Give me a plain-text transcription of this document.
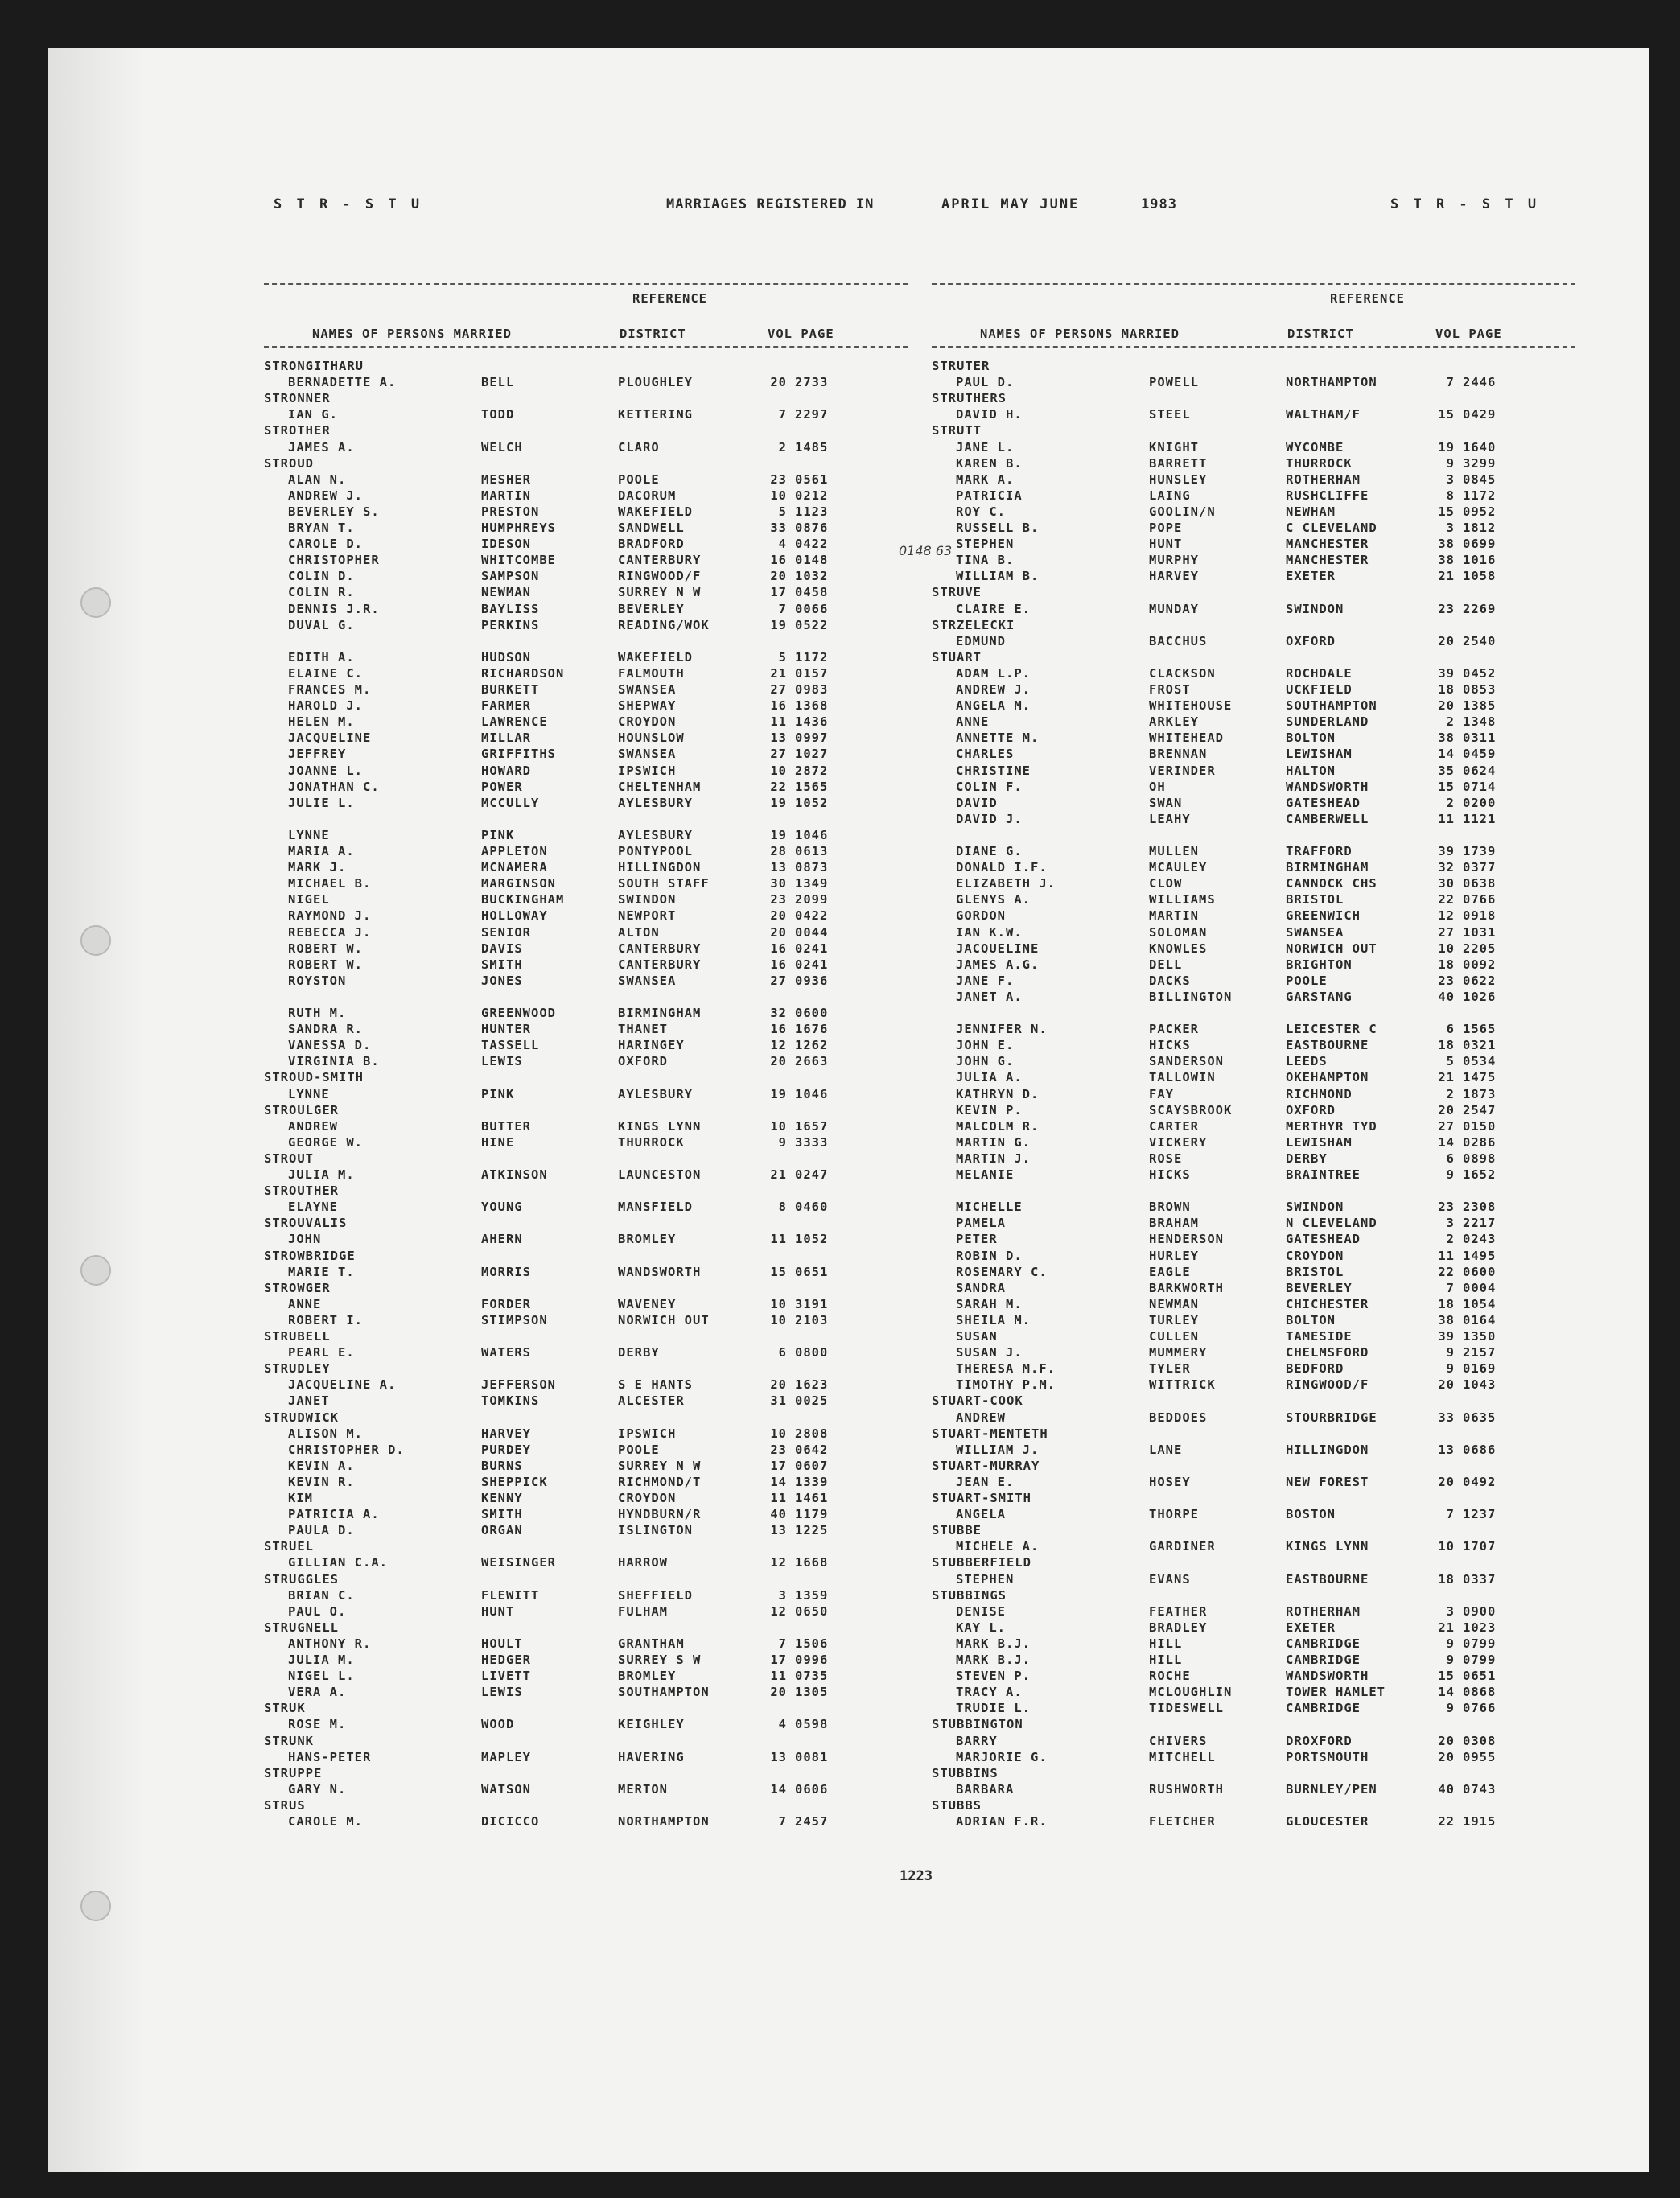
S T R - S T U	MARRIAGES REGISTERED IN	APRIL MAY JUNE	1983	S T R - S T U
REFERENCE
NAMES OF PERSONS MARRIED	DISTRICT	VOL PAGE
STRONGITHARU
BERNADETTE A.	BELL	PLOUGHLEY	20 2733
STRONNER
IAN G.	TODD	KETTERING	7 2297
STROTHER
JAMES A.	WELCH	CLARO	2 1485
STROUD
ALAN N.	MESHER	POOLE	23 0561
ANDREW J.	MARTIN	DACORUM	10 0212
BEVERLEY S.	PRESTON	WAKEFIELD	5 1123
BRYAN T.	HUMPHREYS	SANDWELL	33 0876
CAROLE D.	IDESON	BRADFORD	4 0422
CHRISTOPHER	WHITCOMBE	CANTERBURY	16 0148
COLIN D.	SAMPSON	RINGWOOD/F	20 1032
COLIN R.	NEWMAN	SURREY N W	17 0458
DENNIS J.R.	BAYLISS	BEVERLEY	7 0066
DUVAL G.	PERKINS	READING/WOK	19 0522
EDITH A.	HUDSON	WAKEFIELD	5 1172
ELAINE C.	RICHARDSON	FALMOUTH	21 0157
FRANCES M.	BURKETT	SWANSEA	27 0983
HAROLD J.	FARMER	SHEPWAY	16 1368
HELEN M.	LAWRENCE	CROYDON	11 1436
JACQUELINE	MILLAR	HOUNSLOW	13 0997
JEFFREY	GRIFFITHS	SWANSEA	27 1027
JOANNE L.	HOWARD	IPSWICH	10 2872
JONATHAN C.	POWER	CHELTENHAM	22 1565
JULIE L.	MCCULLY	AYLESBURY	19 1052
LYNNE	PINK	AYLESBURY	19 1046
MARIA A.	APPLETON	PONTYPOOL	28 0613
MARK J.	MCNAMERA	HILLINGDON	13 0873
MICHAEL B.	MARGINSON	SOUTH STAFF	30 1349
NIGEL	BUCKINGHAM	SWINDON	23 2099
RAYMOND J.	HOLLOWAY	NEWPORT	20 0422
REBECCA J.	SENIOR	ALTON	20 0044
ROBERT W.	DAVIS	CANTERBURY	16 0241
ROBERT W.	SMITH	CANTERBURY	16 0241
ROYSTON	JONES	SWANSEA	27 0936
RUTH M.	GREENWOOD	BIRMINGHAM	32 0600
SANDRA R.	HUNTER	THANET	16 1676
VANESSA D.	TASSELL	HARINGEY	12 1262
VIRGINIA B.	LEWIS	OXFORD	20 2663
STROUD-SMITH
LYNNE	PINK	AYLESBURY	19 1046
STROULGER
ANDREW	BUTTER	KINGS LYNN	10 1657
GEORGE W.	HINE	THURROCK	9 3333
STROUT
JULIA M.	ATKINSON	LAUNCESTON	21 0247
STROUTHER
ELAYNE	YOUNG	MANSFIELD	8 0460
STROUVALIS
JOHN	AHERN	BROMLEY	11 1052
STROWBRIDGE
MARIE T.	MORRIS	WANDSWORTH	15 0651
STROWGER
ANNE	FORDER	WAVENEY	10 3191
ROBERT I.	STIMPSON	NORWICH OUT	10 2103
STRUBELL
PEARL E.	WATERS	DERBY	6 0800
STRUDLEY
JACQUELINE A.	JEFFERSON	S E HANTS	20 1623
JANET	TOMKINS	ALCESTER	31 0025
STRUDWICK
ALISON M.	HARVEY	IPSWICH	10 2808
CHRISTOPHER D.	PURDEY	POOLE	23 0642
KEVIN A.	BURNS	SURREY N W	17 0607
KEVIN R.	SHEPPICK	RICHMOND/T	14 1339
KIM	KENNY	CROYDON	11 1461
PATRICIA A.	SMITH	HYNDBURN/R	40 1179
PAULA D.	ORGAN	ISLINGTON	13 1225
STRUEL
GILLIAN C.A.	WEISINGER	HARROW	12 1668
STRUGGLES
BRIAN C.	FLEWITT	SHEFFIELD	3 1359
PAUL O.	HUNT	FULHAM	12 0650
STRUGNELL
ANTHONY R.	HOULT	GRANTHAM	7 1506
JULIA M.	HEDGER	SURREY S W	17 0996
NIGEL L.	LIVETT	BROMLEY	11 0735
VERA A.	LEWIS	SOUTHAMPTON	20 1305
STRUK
ROSE M.	WOOD	KEIGHLEY	4 0598
STRUNK
HANS-PETER	MAPLEY	HAVERING	13 0081
STRUPPE
GARY N.	WATSON	MERTON	14 0606
STRUS
CAROLE M.	DICICCO	NORTHAMPTON	7 2457
REFERENCE
NAMES OF PERSONS MARRIED	DISTRICT	VOL PAGE
STRUTER
PAUL D.	POWELL	NORTHAMPTON	7 2446
STRUTHERS
DAVID H.	STEEL	WALTHAM/F	15 0429
STRUTT
JANE L.	KNIGHT	WYCOMBE	19 1640
KAREN B.	BARRETT	THURROCK	9 3299
MARK A.	HUNSLEY	ROTHERHAM	3 0845
PATRICIA	LAING	RUSHCLIFFE	8 1172
ROY C.	GOOLIN/N	NEWHAM	15 0952
RUSSELL B.	POPE	C CLEVELAND	3 1812
STEPHEN	HUNT	MANCHESTER	38 0699
TINA B.	MURPHY	MANCHESTER	38 1016
WILLIAM B.	HARVEY	EXETER	21 1058
STRUVE
CLAIRE E.	MUNDAY	SWINDON	23 2269
STRZELECKI
EDMUND	BACCHUS	OXFORD	20 2540
STUART
ADAM L.P.	CLACKSON	ROCHDALE	39 0452
ANDREW J.	FROST	UCKFIELD	18 0853
ANGELA M.	WHITEHOUSE	SOUTHAMPTON	20 1385
ANNE	ARKLEY	SUNDERLAND	2 1348
ANNETTE M.	WHITEHEAD	BOLTON	38 0311
CHARLES	BRENNAN	LEWISHAM	14 0459
CHRISTINE	VERINDER	HALTON	35 0624
COLIN F.	OH	WANDSWORTH	15 0714
DAVID	SWAN	GATESHEAD	2 0200
DAVID J.	LEAHY	CAMBERWELL	11 1121
DIANE G.	MULLEN	TRAFFORD	39 1739
DONALD I.F.	MCAULEY	BIRMINGHAM	32 0377
ELIZABETH J.	CLOW	CANNOCK CHS	30 0638
GLENYS A.	WILLIAMS	BRISTOL	22 0766
GORDON	MARTIN	GREENWICH	12 0918
IAN K.W.	SOLOMAN	SWANSEA	27 1031
JACQUELINE	KNOWLES	NORWICH OUT	10 2205
JAMES A.G.	DELL	BRIGHTON	18 0092
JANE F.	DACKS	POOLE	23 0622
JANET A.	BILLINGTON	GARSTANG	40 1026
JENNIFER N.	PACKER	LEICESTER C	6 1565
JOHN E.	HICKS	EASTBOURNE	18 0321
JOHN G.	SANDERSON	LEEDS	5 0534
JULIA A.	TALLOWIN	OKEHAMPTON	21 1475
KATHRYN D.	FAY	RICHMOND	2 1873
KEVIN P.	SCAYSBROOK	OXFORD	20 2547
MALCOLM R.	CARTER	MERTHYR TYD	27 0150
MARTIN G.	VICKERY	LEWISHAM	14 0286
MARTIN J.	ROSE	DERBY	6 0898
MELANIE	HICKS	BRAINTREE	9 1652
MICHELLE	BROWN	SWINDON	23 2308
PAMELA	BRAHAM	N CLEVELAND	3 2217
PETER	HENDERSON	GATESHEAD	2 0243
ROBIN D.	HURLEY	CROYDON	11 1495
ROSEMARY C.	EAGLE	BRISTOL	22 0600
SANDRA	BARKWORTH	BEVERLEY	7 0004
SARAH M.	NEWMAN	CHICHESTER	18 1054
SHEILA M.	TURLEY	BOLTON	38 0164
SUSAN	CULLEN	TAMESIDE	39 1350
SUSAN J.	MUMMERY	CHELMSFORD	9 2157
THERESA M.F.	TYLER	BEDFORD	9 0169
TIMOTHY P.M.	WITTRICK	RINGWOOD/F	20 1043
STUART-COOK
ANDREW	BEDDOES	STOURBRIDGE	33 0635
STUART-MENTETH
WILLIAM J.	LANE	HILLINGDON	13 0686
STUART-MURRAY
JEAN E.	HOSEY	NEW FOREST	20 0492
STUART-SMITH
ANGELA	THORPE	BOSTON	7 1237
STUBBE
MICHELE A.	GARDINER	KINGS LYNN	10 1707
STUBBERFIELD
STEPHEN	EVANS	EASTBOURNE	18 0337
STUBBINGS
DENISE	FEATHER	ROTHERHAM	3 0900
KAY L.	BRADLEY	EXETER	21 1023
MARK B.J.	HILL	CAMBRIDGE	9 0799
MARK B.J.	HILL	CAMBRIDGE	9 0799
STEVEN P.	ROCHE	WANDSWORTH	15 0651
TRACY A.	MCLOUGHLIN	TOWER HAMLET	14 0868
TRUDIE L.	TIDESWELL	CAMBRIDGE	9 0766
STUBBINGTON
BARRY	CHIVERS	DROXFORD	20 0308
MARJORIE G.	MITCHELL	PORTSMOUTH	20 0955
STUBBINS
BARBARA	RUSHWORTH	BURNLEY/PEN	40 0743
STUBBS
ADRIAN F.R.	FLETCHER	GLOUCESTER	22 1915
0148 63
1223
